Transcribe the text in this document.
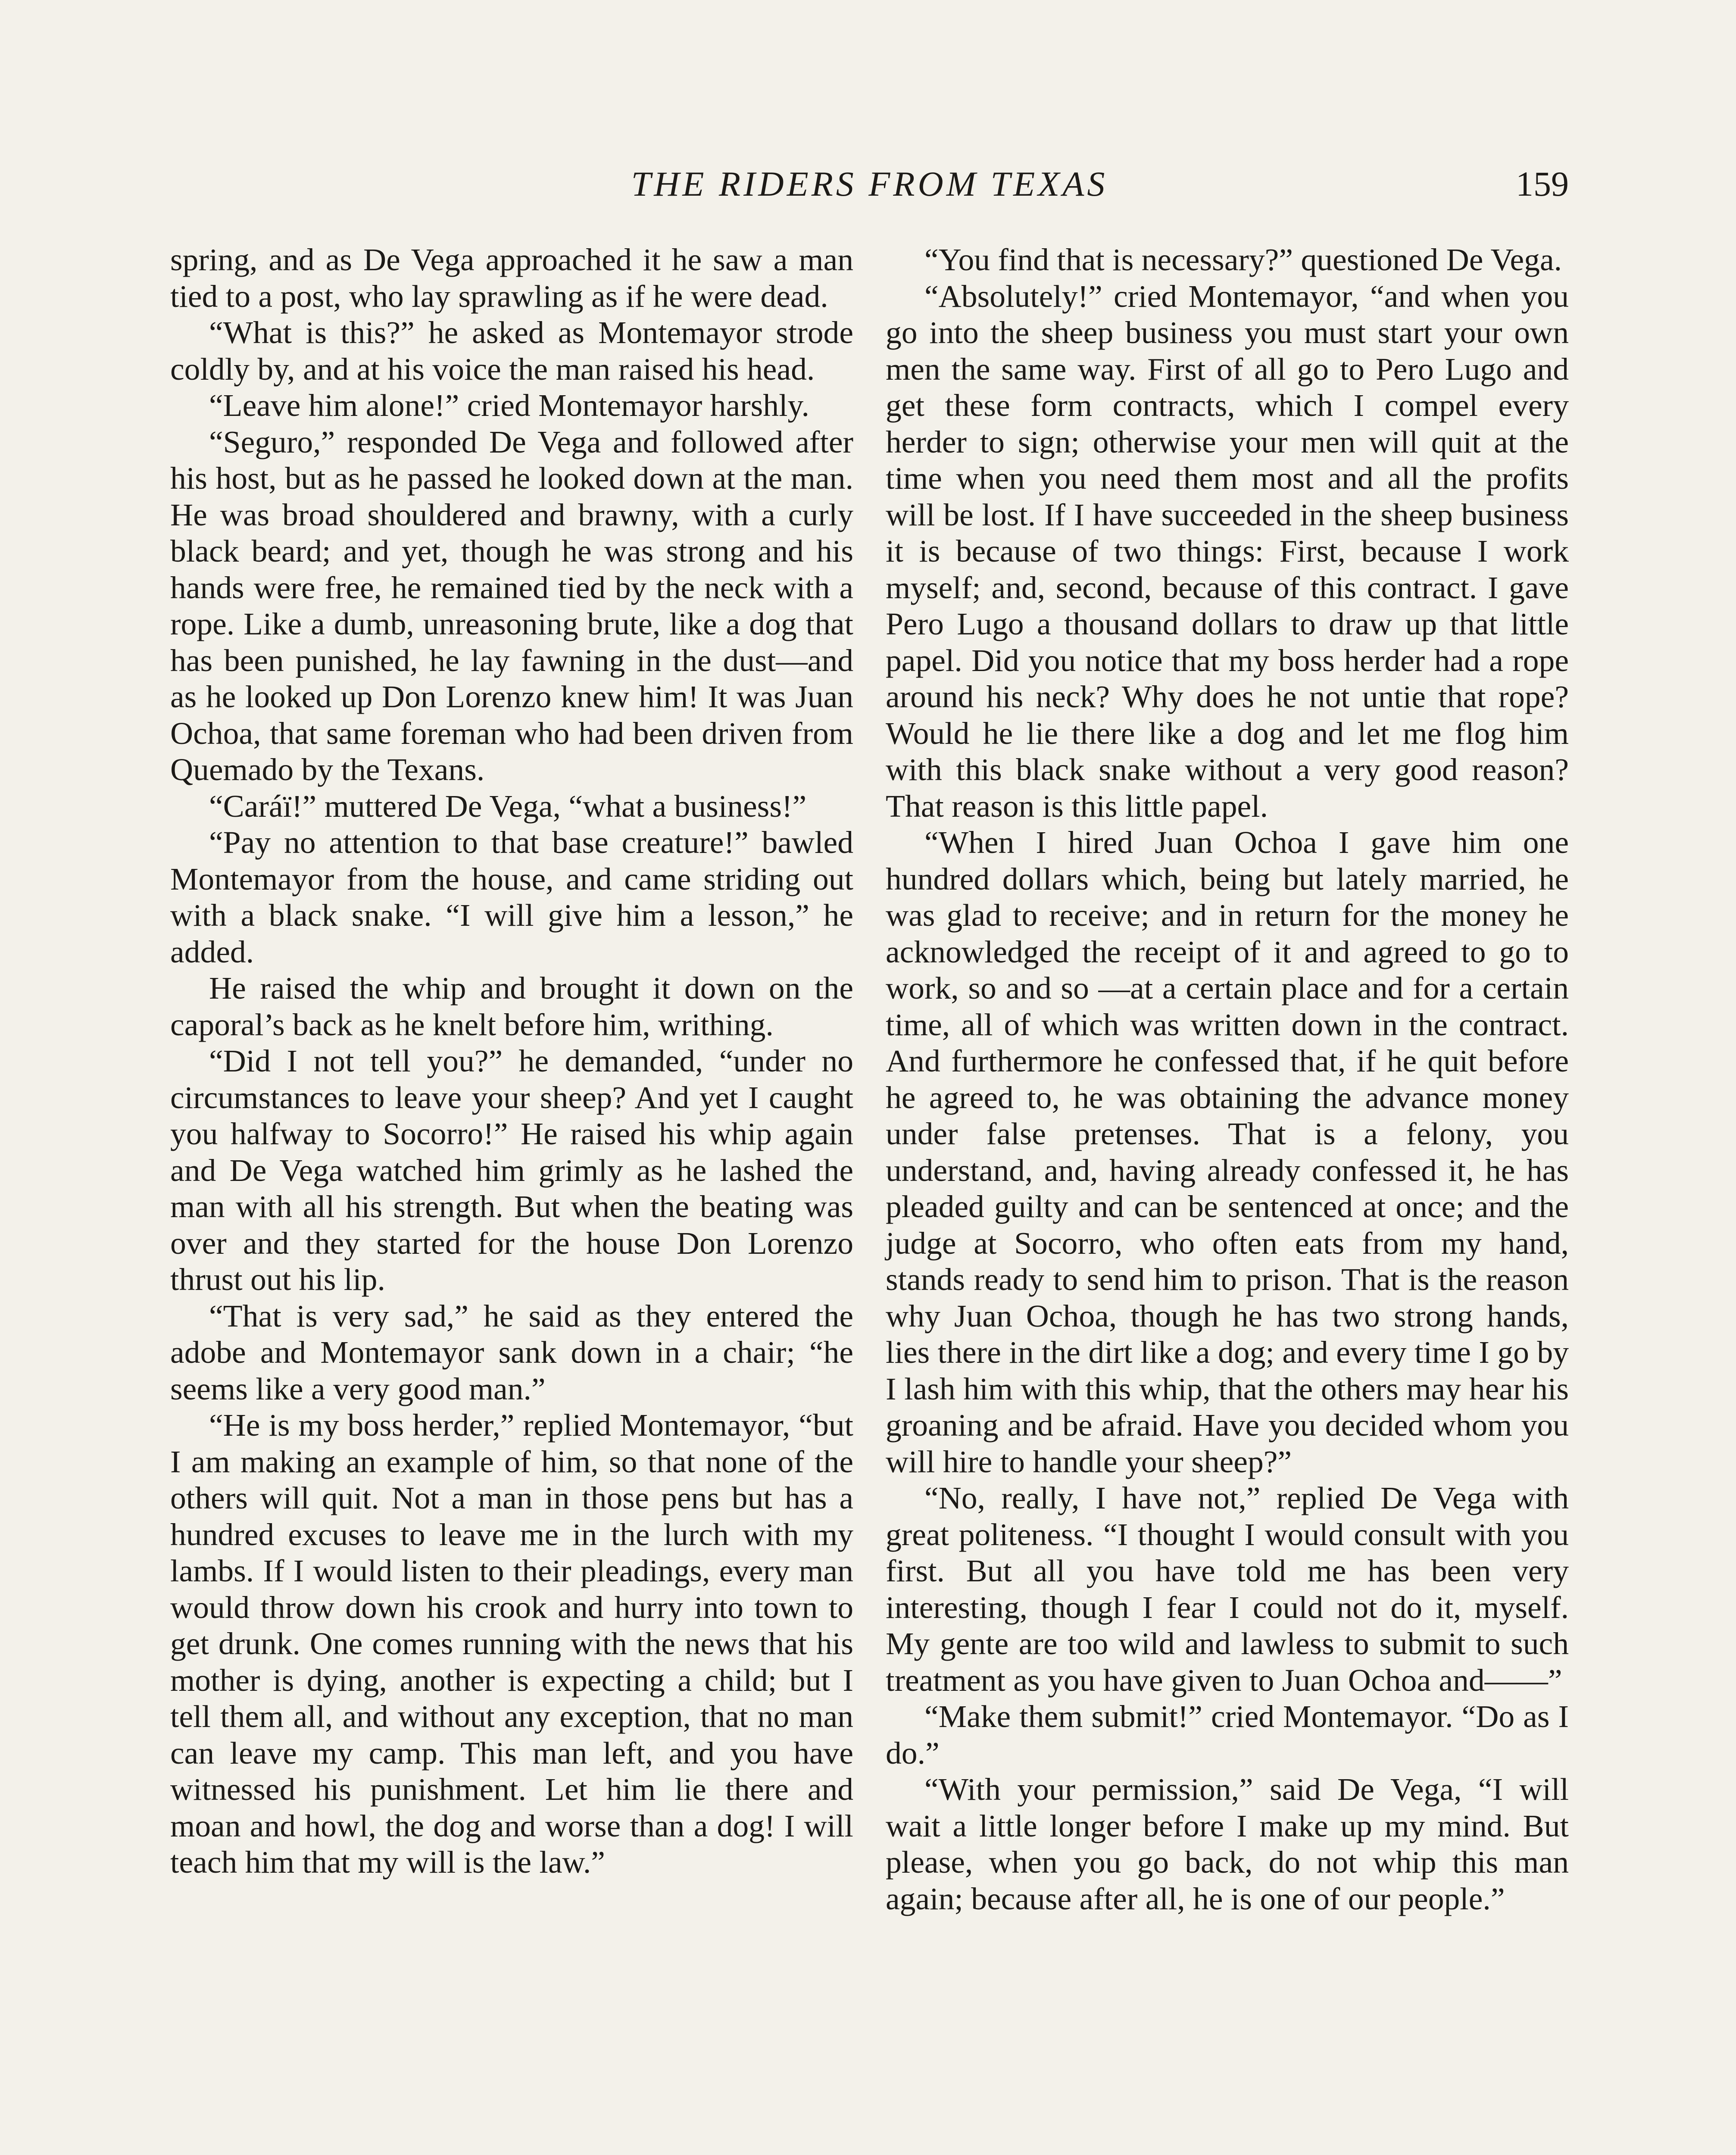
THE RIDERS FROM TEXAS	159

spring, and as De Vega approached it he saw a man tied to a post, who lay sprawling as if he were dead.

“What is this?” he asked as Montemayor strode coldly by, and at his voice the man raised his head.

“Leave him alone!” cried Montemayor harshly.

“Seguro,” responded De Vega and followed after his host, but as he passed he looked down at the man. He was broad shouldered and brawny, with a curly black beard; and yet, though he was strong and his hands were free, he remained tied by the neck with a rope. Like a dumb, unreasoning brute, like a dog that has been punished, he lay fawning in the dust—and as he looked up Don Lorenzo knew him! It was Juan Ochoa, that same foreman who had been driven from Quemado by the Texans.

“Caráï!” muttered De Vega, “what a business!”

“Pay no attention to that base creature!” bawled Montemayor from the house, and came striding out with a black snake. “I will give him a lesson,” he added.

He raised the whip and brought it down on the caporal’s back as he knelt before him, writhing.

“Did I not tell you?” he demanded, “under no circumstances to leave your sheep? And yet I caught you halfway to Socorro!” He raised his whip again and De Vega watched him grimly as he lashed the man with all his strength. But when the beating was over and they started for the house Don Lorenzo thrust out his lip.

“That is very sad,” he said as they entered the adobe and Montemayor sank down in a chair; “he seems like a very good man.”

“He is my boss herder,” replied Montemayor, “but I am making an example of him, so that none of the others will quit. Not a man in those pens but has a hundred excuses to leave me in the lurch with my lambs. If I would listen to their pleadings, every man would throw down his crook and hurry into town to get drunk. One comes running with the news that his mother is dying, another is expecting a child; but I tell them all, and without any exception, that no man can leave my camp. This man left, and you have witnessed his punishment. Let him lie there and moan and howl, the dog and worse than a dog! I will teach him that my will is the law.”

“You find that is necessary?” questioned De Vega.

“Absolutely!” cried Montemayor, “and when you go into the sheep business you must start your own men the same way. First of all go to Pero Lugo and get these form contracts, which I compel every herder to sign; otherwise your men will quit at the time when you need them most and all the profits will be lost. If I have succeeded in the sheep business it is because of two things: First, because I work myself; and, second, because of this contract. I gave Pero Lugo a thousand dollars to draw up that little papel. Did you notice that my boss herder had a rope around his neck? Why does he not untie that rope? Would he lie there like a dog and let me flog him with this black snake without a very good reason? That reason is this little papel.

“When I hired Juan Ochoa I gave him one hundred dollars which, being but lately married, he was glad to receive; and in return for the money he acknowledged the receipt of it and agreed to go to work, so and so —at a certain place and for a certain time, all of which was written down in the contract. And furthermore he confessed that, if he quit before he agreed to, he was obtaining the advance money under false pretenses. That is a felony, you understand, and, having already confessed it, he has pleaded guilty and can be sentenced at once; and the judge at Socorro, who often eats from my hand, stands ready to send him to prison. That is the reason why Juan Ochoa, though he has two strong hands, lies there in the dirt like a dog; and every time I go by I lash him with this whip, that the others may hear his groaning and be afraid. Have you decided whom you will hire to handle your sheep?”

“No, really, I have not,” replied De Vega with great politeness. “I thought I would consult with you first. But all you have told me has been very interesting, though I fear I could not do it, myself. My gente are too wild and lawless to submit to such treatment as you have given to Juan Ochoa and——”

“Make them submit!” cried Montemayor. “Do as I do.”

“With your permission,” said De Vega, “I will wait a little longer before I make up my mind. But please, when you go back, do not whip this man again; because after all, he is one of our people.”
